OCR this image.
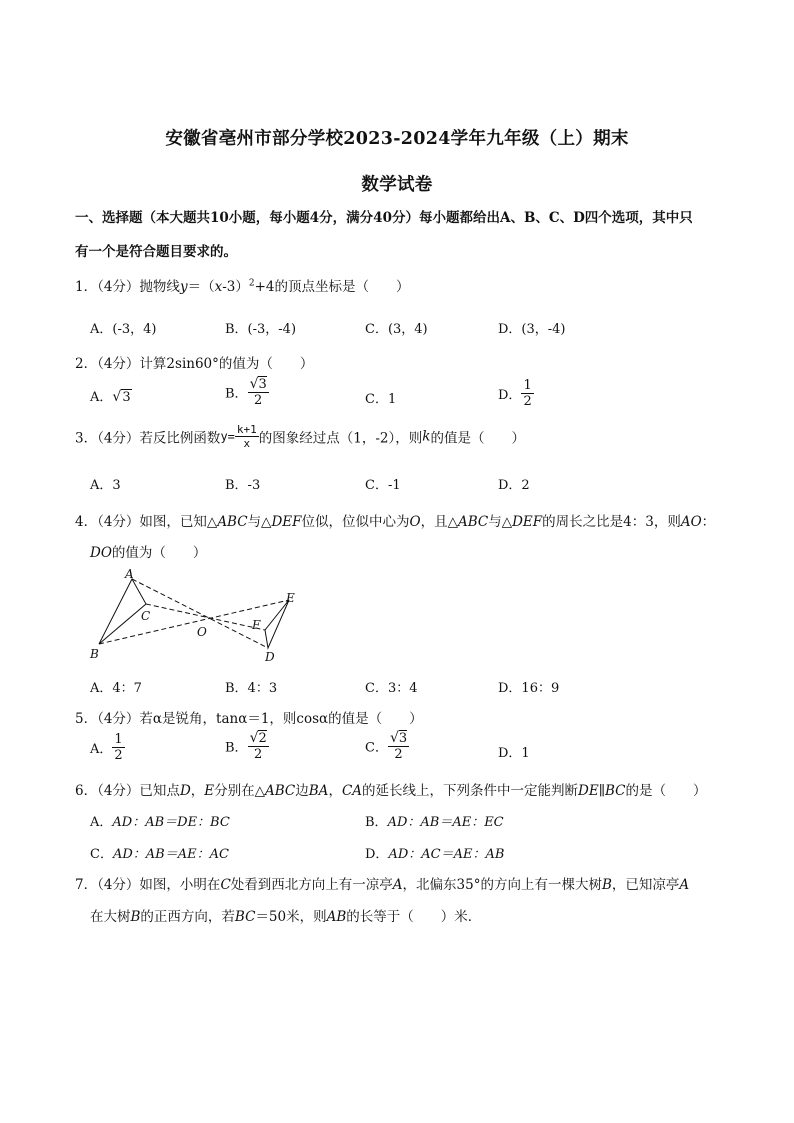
安徽省亳州市部分学校2023-2024学年九年级（上）期末
数学试卷
一、选择题（本大题共10小题，每小题4分，满分40分）每小题都给出A、B、C、D四个选项，其中只
有一个是符合题目要求的。
1．（4分）抛物线$y=(x-3)^2+4$的顶点坐标是（　　）
A．(-3，4)	B．(-3，-4)	C．(3，4)	D．(3，-4)
2．（4分）计算2sin60°的值为（　　）
A．√3	B． $\frac{√3}{2}$	C．1	D． $\frac{1}{2}$
3．（4分）若反比例函数$y= \frac{k+1}{x}$ 的图象经过点（1，-2），则k的值是（　　）
A．3	B．-3	C．-1	D．2
4．（4分）如图，已知△ABC与△DEF位似，位似中心为O，且△ABC与△DEF的周长之比是4：3，则AO：
DO的值为（　　）
A
B
C
O
E
F
D
A．4：7	B．4：3	C．3：4	D．16：9
5．（4分）若α是锐角，tanα＝1，则cosα的值是（　　）
A． $\frac{1}{2}$	B． $\frac{√2}{2}$	C． $\frac{√3}{2}$	D．1
6．（4分）已知点D，E分别在△ABC边BA，CA的延长线上，下列条件中一定能判断DE∥BC的是（　　）
A．AD：AB＝DE：BC	B．AD：AB＝AE：EC
C．AD：AB＝AE：AC	D．AD：AC＝AE：AB
7．（4分）如图，小明在C处看到西北方向上有一凉亭A，北偏东35°的方向上有一棵大树B，已知凉亭A
在大树B的正西方向，若BC＝50米，则AB的长等于（　　）米．
